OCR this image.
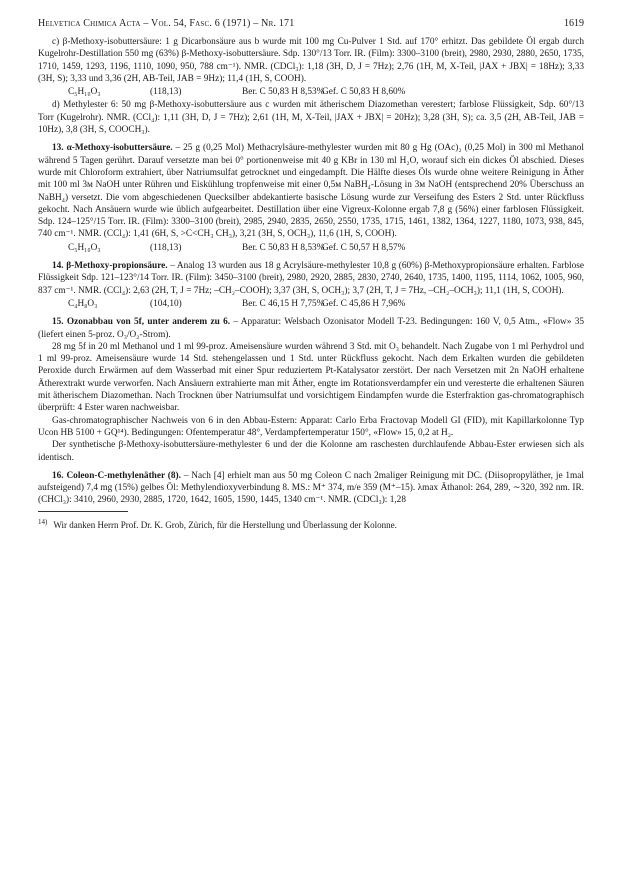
Helvetica Chimica Acta – Vol. 54, Fasc. 6 (1971) – Nr. 171	1619

c) β-Methoxy-isobuttersäure: 1 g Dicarbonsäure aus b wurde mit 100 mg Cu-Pulver 1 Std. auf 170° erhitzt. Das gebildete Öl ergab durch Kugelrohr-Destillation 550 mg (63%) β-Methoxy-isobuttersäure. Sdp. 130°/13 Torr. IR. (Film): 3300–3100 (breit), 2980, 2930, 2880, 2650, 1735, 1710, 1459, 1293, 1196, 1110, 1090, 950, 788 cm⁻¹). NMR. (CDCl₃): 1,18 (3H, D, J = 7Hz); 2,76 (1H, M, X-Teil, |JAX + JBX| = 18Hz); 3,33 (3H, S); 3,33 und 3,36 (2H, AB-Teil, JAB = 9Hz); 11,4 (1H, S, COOH).

C₅H₁₀O₃	(118,13)	Ber. C 50,83 H 8,53%Gef. C 50,83 H 8,60%

d) Methylester 6: 50 mg β-Methoxy-isobuttersäure aus c wurden mit ätherischem Diazomethan verestert; farblose Flüssigkeit, Sdp. 60°/13 Torr (Kugelrohr). NMR. (CCl₄): 1,11 (3H, D, J = 7Hz); 2,61 (1H, M, X-Teil, |JAX + JBX| = 20Hz); 3,28 (3H, S); ca. 3,5 (2H, AB-Teil, JAB = 10Hz), 3,8 (3H, S, COOCH₃).

13. α-Methoxy-isobuttersäure. – 25 g (0,25 Mol) Methacrylsäure-methylester wurden mit 80 g Hg (OAc)₂ (0,25 Mol) in 300 ml Methanol während 5 Tagen gerührt. Darauf versetzte man bei 0° portionenweise mit 40 g KBr in 130 ml H₂O, worauf sich ein dickes Öl abschied. Dieses wurde mit Chloroform extrahiert, über Natriumsulfat getrocknet und eingedampft. Die Hälfte dieses Öls wurde ohne weitere Reinigung in Äther mit 100 ml 3м NaOH unter Rühren und Eiskühlung tropfenweise mit einer 0,5м NaBH₄-Lösung in 3м NaOH (entsprechend 20% Überschuss an NaBH₄) versetzt. Die vom abgeschiedenen Quecksilber abdekantierte basische Lösung wurde zur Verseifung des Esters 2 Std. unter Rückfluss gekocht. Nach Ansäuern wurde wie üblich aufgearbeitet. Destillation über eine Vigreux-Kolonne ergab 7,8 g (56%) einer farblosen Flüssigkeit. Sdp. 124–125°/15 Torr. IR. (Film): 3300–3100 (breit), 2985, 2940, 2835, 2650, 2550, 1735, 1715, 1461, 1382, 1364, 1227, 1180, 1073, 938, 845, 740 cm⁻¹. NMR. (CCl₄): 1,41 (6H, S, >C<CH₃ CH₃), 3,21 (3H, S, OCH₃), 11,6 (1H, S, COOH).

C₅H₁₀O₃	(118,13)	Ber. C 50,83 H 8,53%Gef. C 50,57 H 8,57%

14. β-Methoxy-propionsäure. – Analog 13 wurden aus 18 g Acrylsäure-methylester 10,8 g (60%) β-Methoxypropionsäure erhalten. Farblose Flüssigkeit Sdp. 121–123°/14 Torr. IR. (Film): 3450–3100 (breit), 2980, 2920, 2885, 2830, 2740, 2640, 1735, 1400, 1195, 1114, 1062, 1005, 960, 837 cm⁻¹. NMR. (CCl₄): 2,63 (2H, T, J = 7Hz; –CH₂–COOH); 3,37 (3H, S, OCH₃); 3,7 (2H, T, J = 7Hz, –CH₂–OCH₃); 11,1 (1H, S, COOH).

C₄H₈O₃	(104,10)	Ber. C 46,15 H 7,75%Gef. C 45,86 H 7,96%

15. Ozonabbau von 5f, unter anderem zu 6. – Apparatur: Welsbach Ozonisator Modell T-23. Bedingungen: 160 V, 0,5 Atm., «Flow» 35 (liefert einen 5-proz. O₃/O₂-Strom).

28 mg 5f in 20 ml Methanol und 1 ml 99-proz. Ameisensäure wurden während 3 Std. mit O₃ behandelt. Nach Zugabe von 1 ml Perhydrol und 1 ml 99-proz. Ameisensäure wurde 14 Std. stehengelassen und 1 Std. unter Rückfluss gekocht. Nach dem Erkalten wurden die gebildeten Peroxide durch Erwärmen auf dem Wasserbad mit einer Spur reduziertem Pt-Katalysator zerstört. Der nach Versetzen mit 2n NaOH erhaltene Ätherextrakt wurde verworfen. Nach Ansäuern extrahierte man mit Äther, engte im Rotationsverdampfer ein und veresterte die erhaltenen Säuren mit ätherischem Diazomethan. Nach Trocknen über Natriumsulfat und vorsichtigem Eindampfen wurde die Esterfraktion gas-chromatographisch überprüft: 4 Ester waren nachweisbar.

Gas-chromatographischer Nachweis von 6 in den Abbau-Estern: Apparat: Carlo Erba Fractovap Modell GI (FID), mit Kapillarkolonne Typ Ucon HB 5100 + GQ¹⁴). Bedingungen: Ofentemperatur 48°, Verdampfertemperatur 150°, «Flow» 15, 0,2 at H₂.

Der synthetische β-Methoxy-isobuttersäure-methylester 6 und der die Kolonne am raschesten durchlaufende Abbau-Ester erwiesen sich als identisch.

16. Coleon-C-methylenäther (8). – Nach [4] erhielt man aus 50 mg Coleon C nach 2maliger Reinigung mit DC. (Diisopropyläther, je 1mal aufsteigend) 7,4 mg (15%) gelbes Öl: Methylendioxyverbindung 8. MS.: M⁺ 374, m/e 359 (M⁺–15). λmax Äthanol: 264, 289, ∼320, 392 nm. IR. (CHCl₃): 3410, 2960, 2930, 2885, 1720, 1642, 1605, 1590, 1445, 1340 cm⁻¹. NMR. (CDCl₃): 1,28

$^{14)}$ Wir danken Herrn Prof. Dr. K. Grob, Zürich, für die Herstellung und Überlassung der Kolonne.
